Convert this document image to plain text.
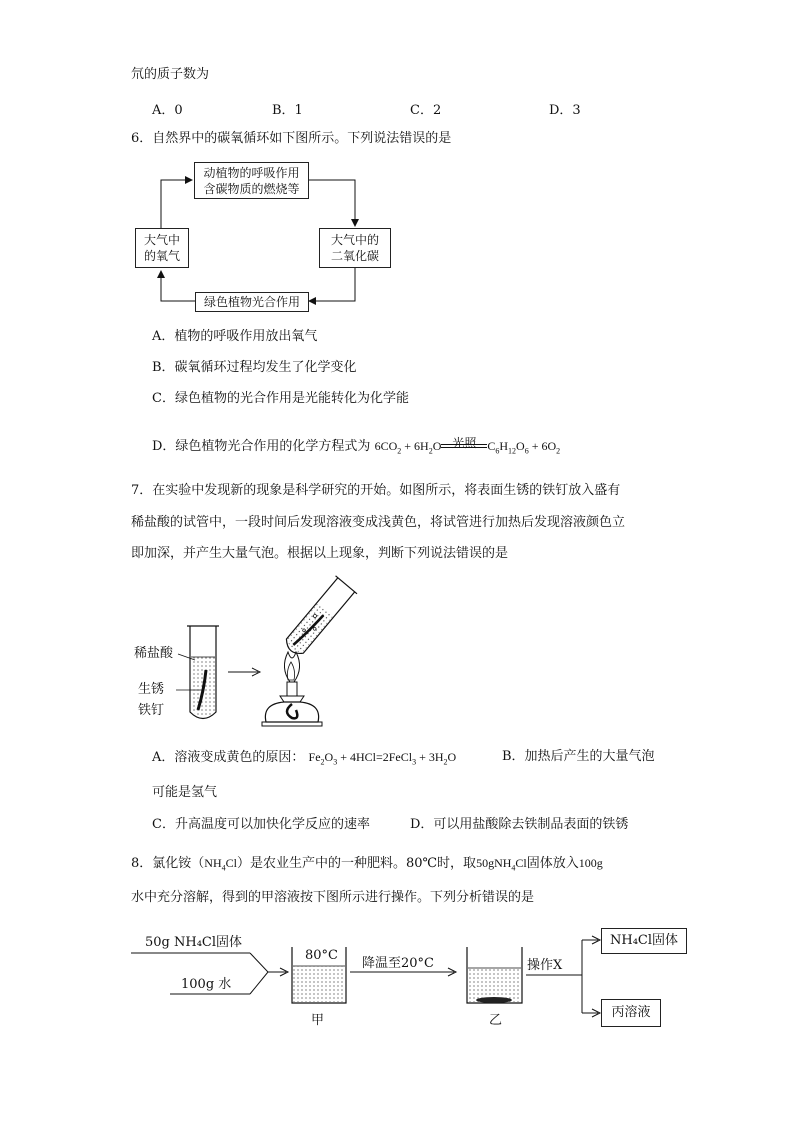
氘的质子数为
A．0	B．1	C．2	D．3
6．自然界中的碳氧循环如下图所示。下列说法错误的是
动植物的呼吸作用
含碳物质的燃烧等
大气中
的氧气
大气中的
二氧化碳
绿色植物光合作用
A．植物的呼吸作用放出氧气
B．碳氧循环过程均发生了化学变化
C．绿色植物的光合作用是光能转化为化学能
D．绿色植物光合作用的化学方程式为 $6CO_2 + 6H_2O$ 光照 $C_6H_{12}O_6 + 6O_2$
7．在实验中发现新的现象是科学研究的开始。如图所示，将表面生锈的铁钉放入盛有
稀盐酸的试管中，一段时间后发现溶液变成浅黄色，将试管进行加热后发现溶液颜色立
即加深，并产生大量气泡。根据以上现象，判断下列说法错误的是
稀盐酸
生锈
铁钉
A．溶液变成黄色的原因： $Fe_2O_3$ + 4HCl=2FeCl$_3$ + $3H_2O$	B．加热后产生的大量气泡
可能是氢气
C．升高温度可以加快化学反应的速率	D．可以用盐酸除去铁制品表面的铁锈
8．氯化铵$(NH_4Cl)$是农业生产中的一种肥料。80℃时，取50gNH$_4$Cl固体放入100g
水中充分溶解，得到的甲溶液按下图所示进行操作。下列分析错误的是
50g NH₄Cl固体
100g 水
80°C
降温至20°C
甲	乙
操作X
NH₄Cl固体
丙溶液
